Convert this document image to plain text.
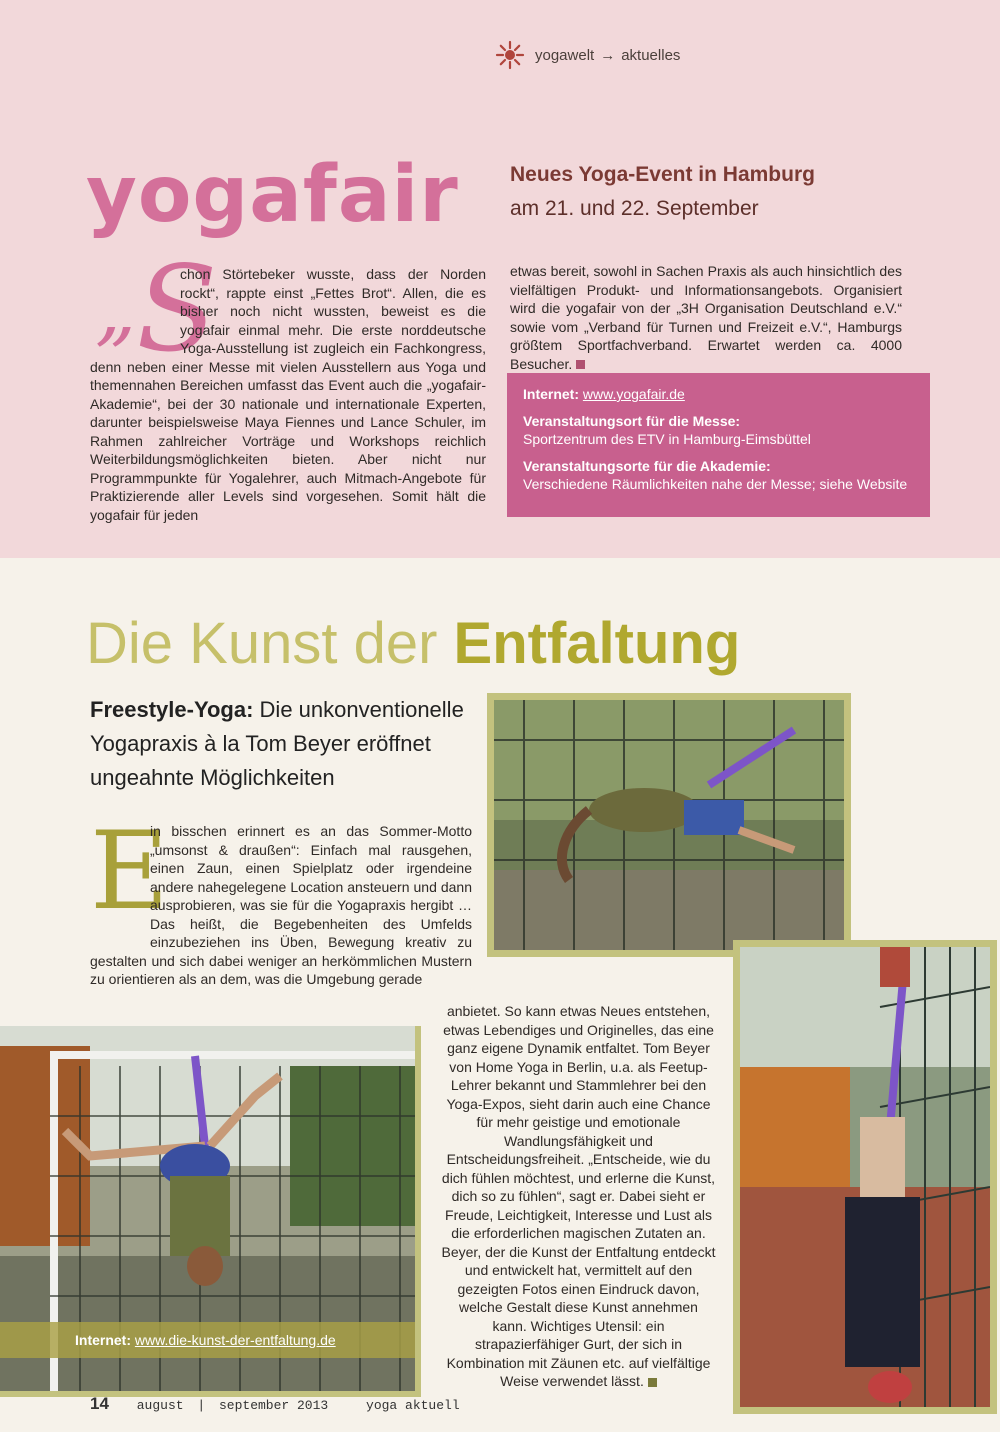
yogawelt → aktuelles
yogafair Neues Yoga-Event in Hamburg
am 21. und 22. September
„S
chon Störtebeker wusste, dass der Norden rockt“, rappte einst „Fettes Brot“. Allen, die es bisher noch nicht wussten, beweist es die yogafair einmal mehr. Die erste norddeutsche Yoga-Ausstellung ist zugleich ein Fachkongress, denn neben einer Messe mit vielen Ausstellern aus Yoga und themennahen Bereichen umfasst das Event auch die „yogafair-Akademie“, bei der 30 nationale und internationale Experten, darunter beispielsweise Maya Fiennes und Lance Schuler, im Rahmen zahlreicher Vorträge und Workshops reichlich Weiterbildungsmöglichkeiten bieten. Aber nicht nur Programmpunkte für Yogalehrer, auch Mitmach-Angebote für Praktizierende aller Levels sind vorgesehen. Somit hält die yogafair für jeden
etwas bereit, sowohl in Sachen Praxis als auch hinsichtlich des vielfältigen Produkt- und Informationsangebots. Organisiert wird die yogafair von der „3H Organisation Deutschland e.V.“ sowie vom „Verband für Turnen und Freizeit e.V.“, Hamburgs größtem Sportfachverband. Erwartet werden ca. 4000 Besucher.
Internet: www.yogafair.de
Veranstaltungsort für die Messe:
Sportzentrum des ETV in Hamburg-Eimsbüttel
Veranstaltungsorte für die Akademie:
Verschiedene Räumlichkeiten nahe der Messe; siehe Website
Die Kunst der Entfaltung
Freestyle-Yoga: Die unkonventionelle Yogapraxis à la Tom Beyer eröffnet ungeahnte Möglichkeiten
E
in bisschen erinnert es an das Sommer-Motto „umsonst & draußen“: Einfach mal rausgehen, einen Zaun, einen Spielplatz oder irgendeine andere nahegelegene Location ansteuern und dann ausprobieren, was sie für die Yogapraxis hergibt … Das heißt, die Begebenheiten des Umfelds einzubeziehen ins Üben, Bewegung kreativ zu gestalten und sich dabei weniger an herkömmlichen Mustern zu orientieren als an dem, was die Umgebung gerade
anbietet. So kann etwas Neues entstehen, etwas Lebendiges und Originelles, das eine ganz eigene Dynamik entfaltet. Tom Beyer von Home Yoga in Berlin, u.a. als Feetup-Lehrer bekannt und Stammlehrer bei den Yoga-Expos, sieht darin auch eine Chance für mehr geistige und emotionale Wandlungsfähigkeit und Entscheidungsfreiheit. „Entscheide, wie du dich fühlen möchtest, und erlerne die Kunst, dich so zu fühlen“, sagt er. Dabei sieht er Freude, Leichtigkeit, Interesse und Lust als die erforderlichen magischen Zutaten an. Beyer, der die Kunst der Entfaltung entdeckt und entwickelt hat, vermittelt auf den gezeigten Fotos einen Eindruck davon, welche Gestalt diese Kunst annehmen kann. Wichtiges Utensil: ein strapazierfähiger Gurt, der sich in Kombination mit Zäunen etc. auf vielfältige Weise verwendet lässt.
Internet: www.die-kunst-der-entfaltung.de
14 august | september 2013	yoga aktuell
